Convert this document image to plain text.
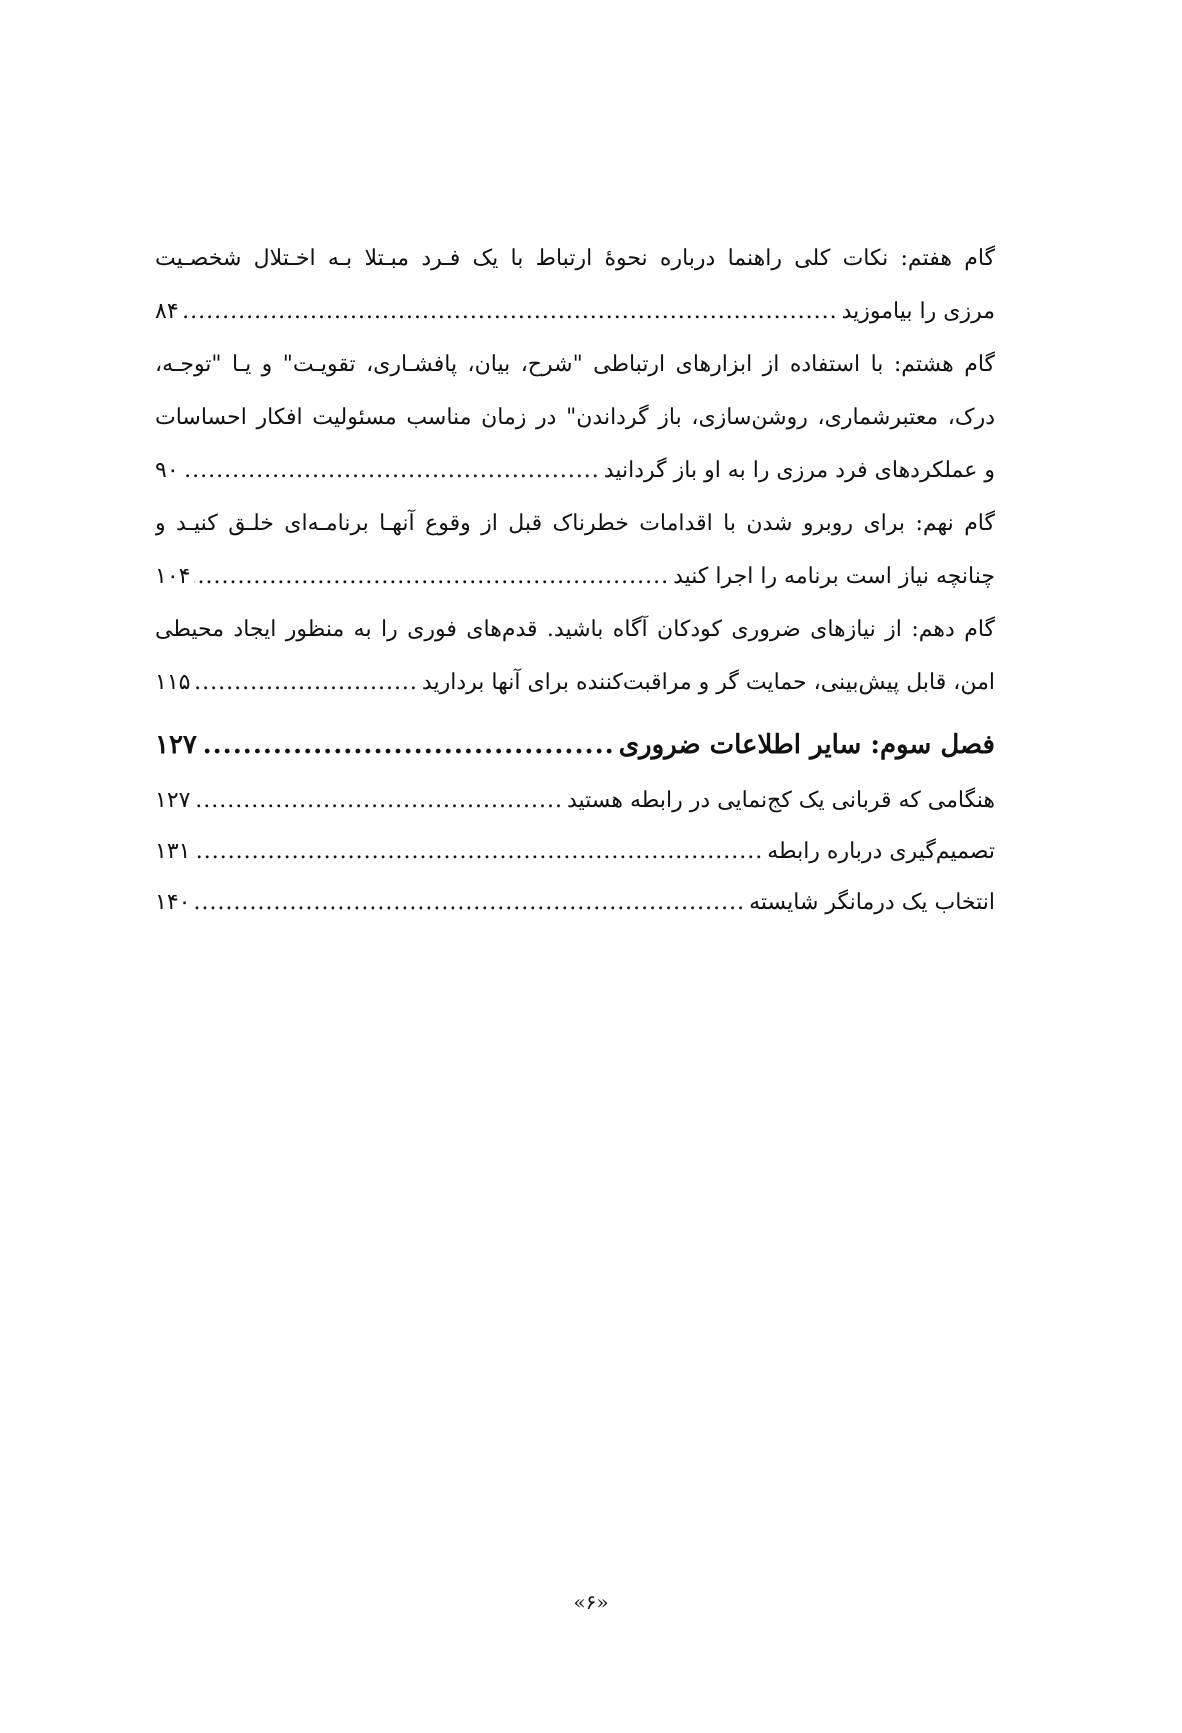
گام هفتم: نکات کلی راهنما درباره نحوۀ ارتباط با یک فـرد مبـتلا بـه اخـتلال شخصـیت
مرزی را بیاموزید
.....
۸۴
گام هشتم: با استفاده از ابزارهای ارتباطی "شرح، بیان، پافشـاری، تقویـت" و یـا "توجـه،
درک، معتبرشماری، روشن‌سازی، باز گرداندن" در زمان مناسب مسئولیت افکار احساسات
و عملکردهای فرد مرزی را به او باز گردانید
.....
۹۰
گام نهم: برای روبرو شدن با اقدامات خطرناک قبل از وقوع آنهـا برنامـه‌ای خلـق کنیـد و
چنانچه نیاز است برنامه را اجرا کنید
.....
۱۰۴
گام دهم: از نیازهای ضروری کودکان آگاه باشید. قدم‌های فوری را به منظور ایجاد محیطی
امن، قابل پیش‌بینی، حمایت گر و مراقبت‌کننده برای آنها بردارید
.....
۱۱۵
فصل سوم: سایر اطلاعات ضروری
.....
۱۲۷
هنگامی که قربانی یک کج‌نمایی در رابطه هستید
.....
۱۲۷
تصمیم‌گیری درباره رابطه
.....
۱۳۱
انتخاب یک درمانگر شایسته
.....
۱۴۰
«۶»
